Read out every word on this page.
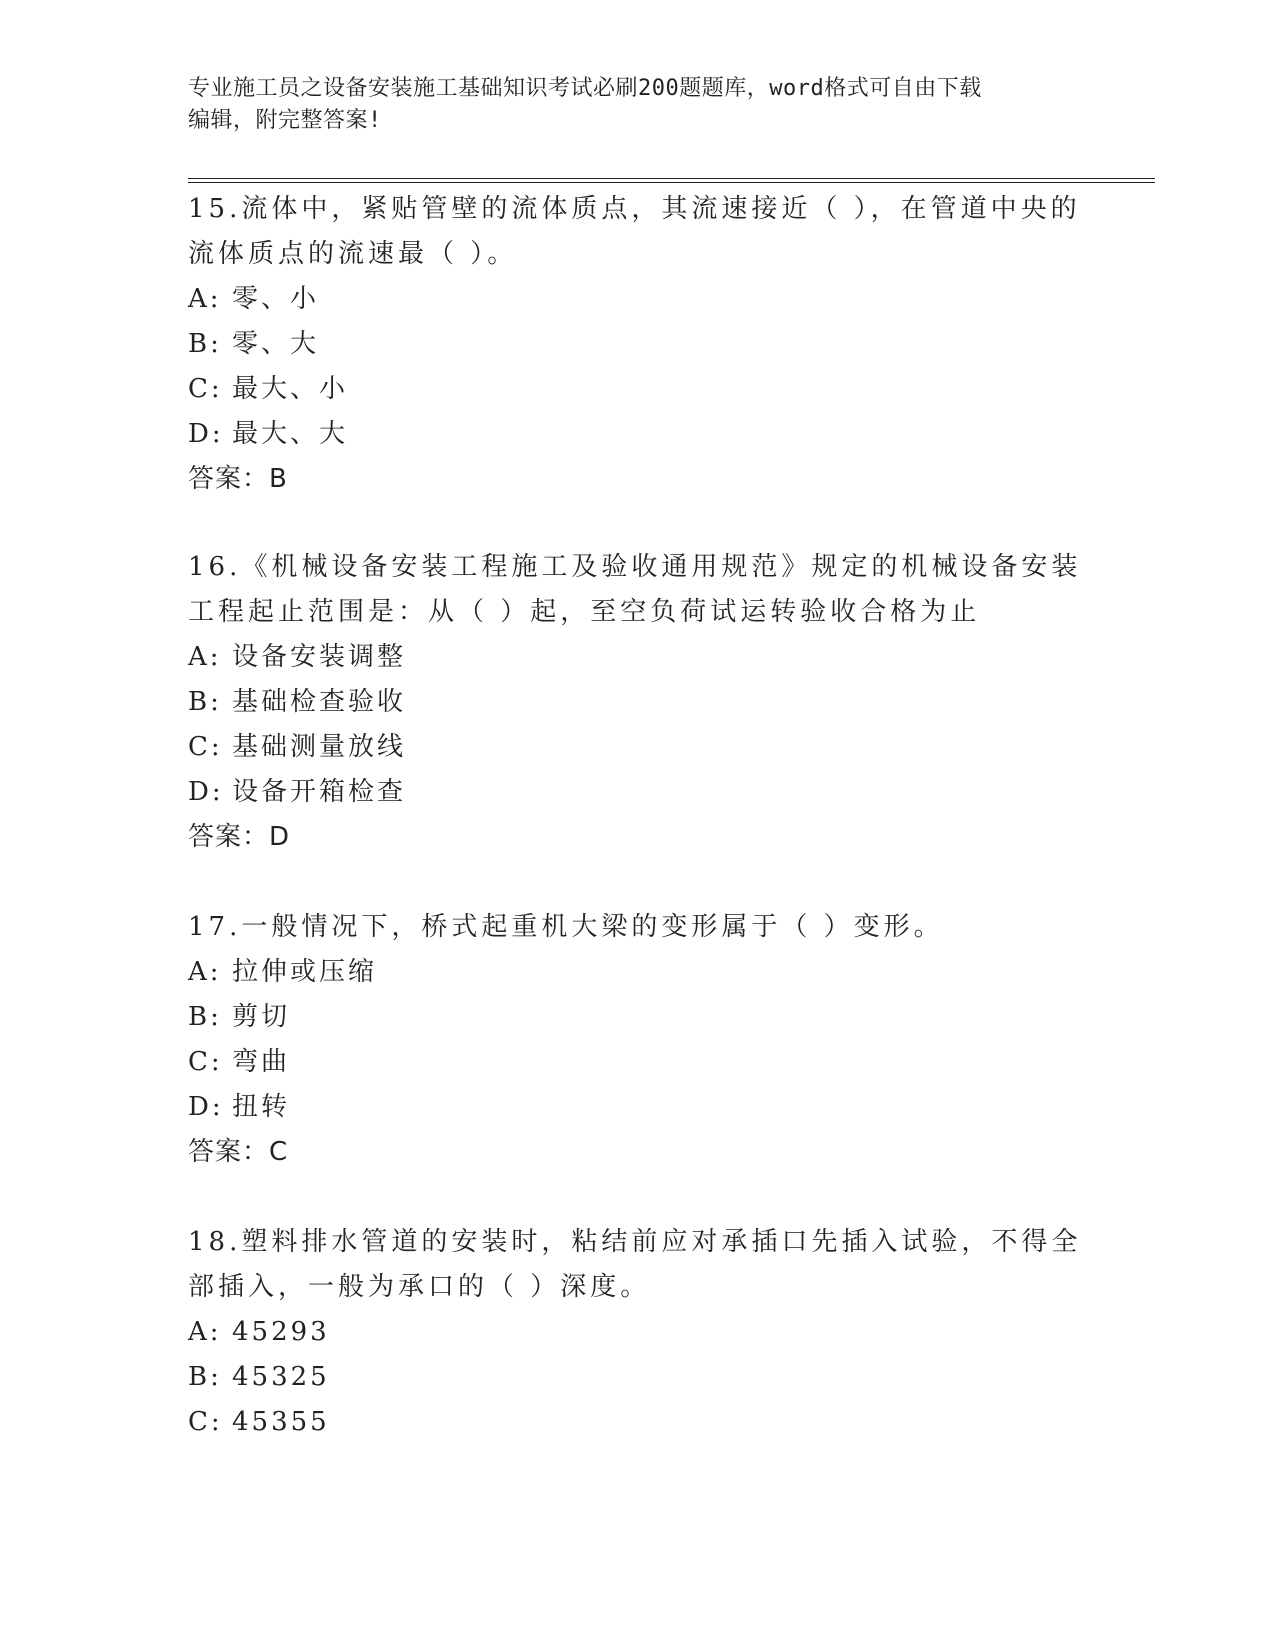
专业施工员之设备安装施工基础知识考试必刷200题题库，word格式可自由下载
编辑，附完整答案!

15.流体中，紧贴管壁的流体质点，其流速接近（ ），在管道中央的流体质点的流速最（ ）。

A: 零、小
B: 零、大
C: 最大、小
D: 最大、大
答案：B

16.《机械设备安装工程施工及验收通用规范》规定的机械设备安装工程起止范围是：从（ ）起，至空负荷试运转验收合格为止

A: 设备安装调整
B: 基础检查验收
C: 基础测量放线
D: 设备开箱检查
答案：D

17.一般情况下，桥式起重机大梁的变形属于（ ）变形。

A: 拉伸或压缩
B: 剪切
C: 弯曲
D: 扭转
答案：C

18.塑料排水管道的安装时，粘结前应对承插口先插入试验，不得全部插入，一般为承口的（ ）深度。

A: 45293
B: 45325
C: 45355
